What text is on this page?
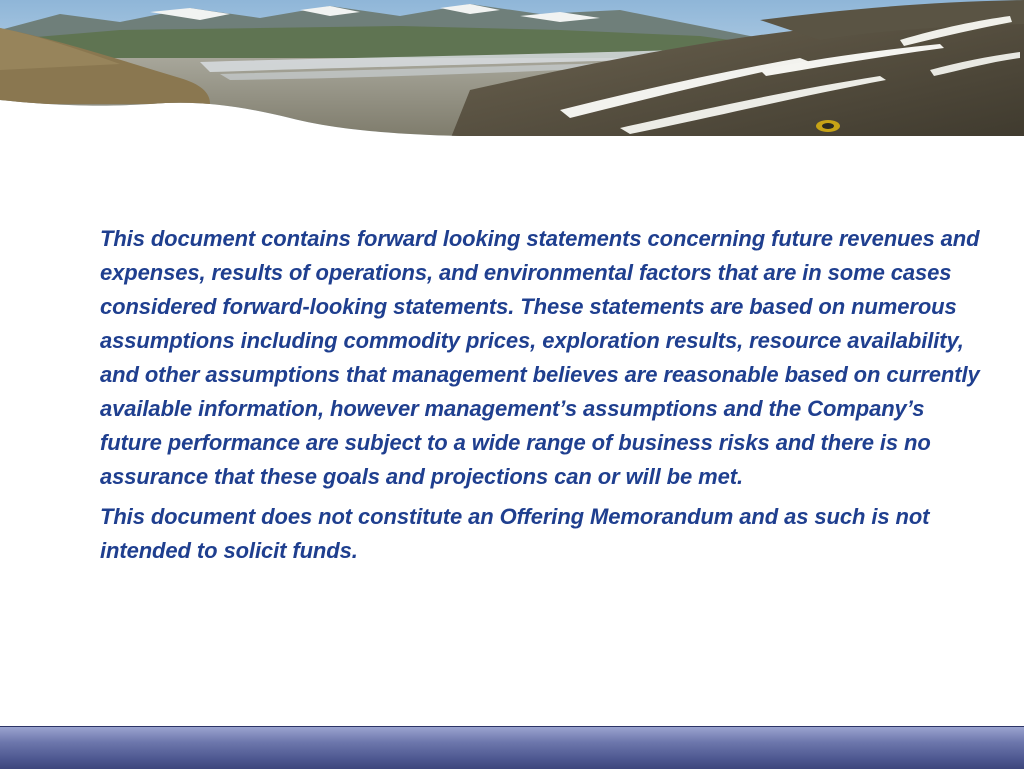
This document contains forward looking statements concerning future revenues and expenses, results of operations, and environmental factors that are in some cases considered forward-looking statements. These statements are based on numerous assumptions including commodity prices, exploration results, resource availability, and other assumptions that management believes are reasonable based on currently available information, however management’s assumptions and the Company’s future performance are subject to a wide range of business risks and there is no assurance that these goals and projections can or will be met.

This document does not constitute an Offering Memorandum and as such is not intended to solicit funds.
